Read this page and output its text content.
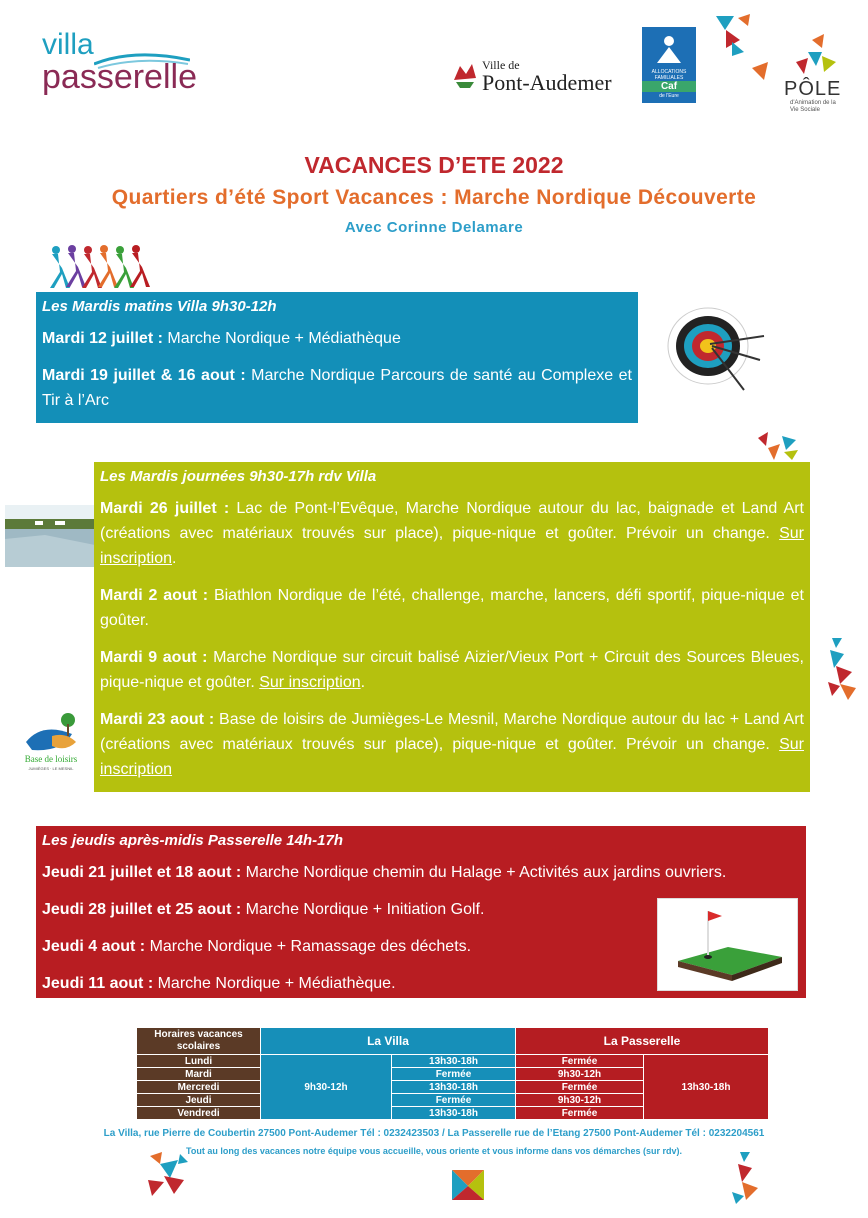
villa
passerelle	Ville de
Pont-Audemer	ALLOCATIONS FAMILIALES
Caf
de l'Eure	PÔLE
d'Animation de la Vie Sociale
VACANCES D’ETE 2022
Quartiers d’été Sport Vacances : Marche Nordique Découverte
Avec Corinne Delamare
Les Mardis matins Villa 9h30-12h

Mardi 12 juillet : Marche Nordique + Médiathèque

Mardi 19 juillet & 16 aout : Marche Nordique Parcours de santé au Complexe et Tir à l’Arc

Les Mardis journées 9h30-17h rdv Villa

Mardi 26 juillet : Lac de Pont-l’Evêque, Marche Nordique autour du lac, baignade et Land Art (créations avec matériaux trouvés sur place), pique-nique et goûter. Prévoir un change. Sur inscription.

Mardi 2 aout : Biathlon Nordique de l’été, challenge, marche, lancers, défi sportif, pique-nique et goûter.

Mardi 9 aout : Marche Nordique sur circuit balisé Aizier/Vieux Port + Circuit des Sources Bleues, pique-nique et goûter. Sur inscription.

Mardi 23 aout : Base de loisirs de Jumièges-Le Mesnil, Marche Nordique autour du lac + Land Art (créations avec matériaux trouvés sur place), pique-nique et goûter. Prévoir un change. Sur inscription

Base de loisirs
JUMIÈGES · LE MESNIL
Les jeudis après-midis Passerelle 14h-17h

Jeudi 21 juillet et 18 aout : Marche Nordique chemin du Halage + Activités aux jardins ouvriers.

Jeudi 28 juillet et 25 aout : Marche Nordique + Initiation Golf.

Jeudi 4 aout : Marche Nordique + Ramassage des déchets.

Jeudi 11 aout : Marche Nordique + Médiathèque.

Horaires vacances scolaires	La Villa		La Passerelle	

Lundi	9h30-12h	13h30-18h	Fermée	13h30-18h
Mardi		Fermée	9h30-12h	
Mercredi		13h30-18h	Fermée	
Jeudi		Fermée	9h30-12h	
Vendredi		13h30-18h	Fermée	
La Villa, rue Pierre de Coubertin 27500 Pont-Audemer Tél : 0232423503 / La Passerelle rue de l’Etang 27500 Pont-Audemer Tél : 0232204561
Tout au long des vacances notre équipe vous accueille, vous oriente et vous informe dans vos démarches (sur rdv).
